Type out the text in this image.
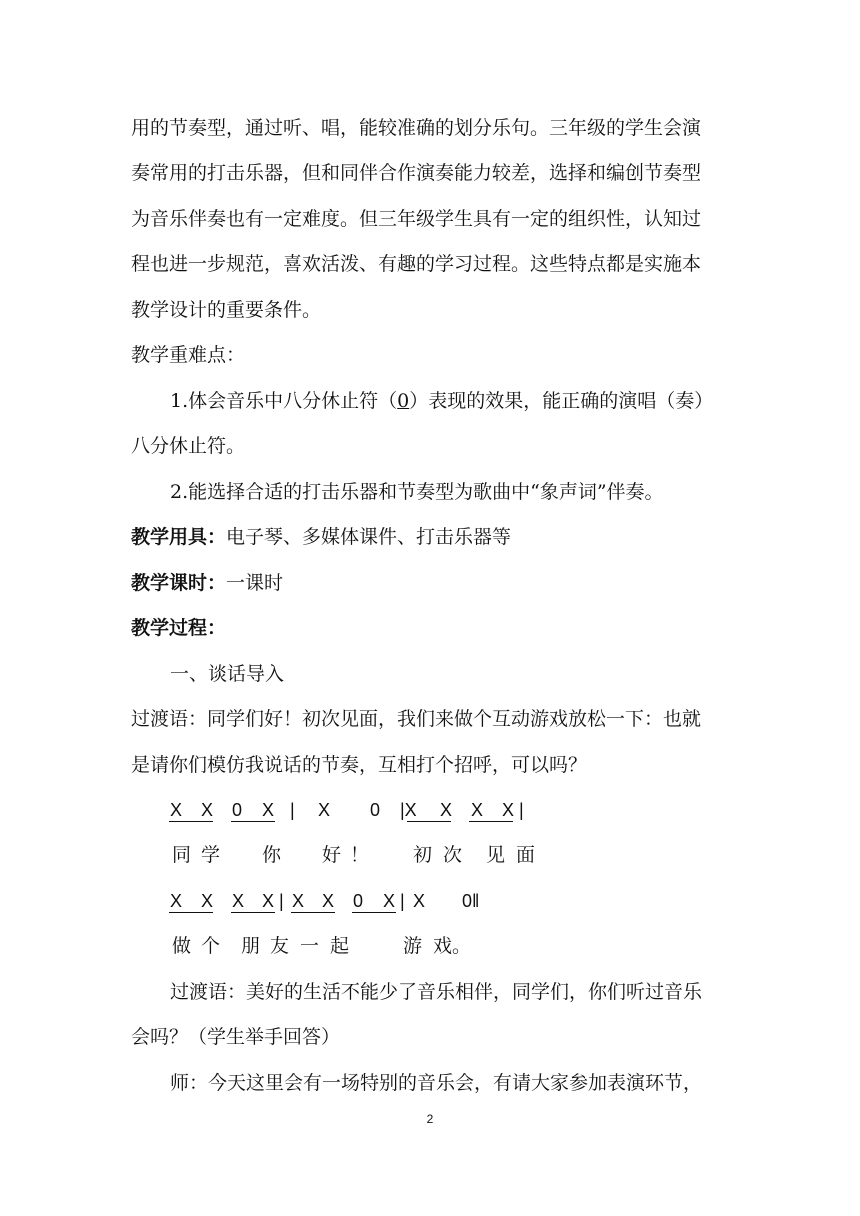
用的节奏型，通过听、唱，能较准确的划分乐句。三年级的学生会演
奏常用的打击乐器，但和同伴合作演奏能力较差，选择和编创节奏型
为音乐伴奏也有一定难度。但三年级学生具有一定的组织性，认知过
程也进一步规范，喜欢活泼、有趣的学习过程。这些特点都是实施本
教学设计的重要条件。
教学重难点：
1.体会音乐中八分休止符（0）表现的效果，能正确的演唱（奏）
八分休止符。
2.能选择合适的打击乐器和节奏型为歌曲中“象声词”伴奏。
教学用具：电子琴、多媒体课件、打击乐器等
教学课时：一课时
教学过程：
一、谈话导入
过渡语：同学们好！初次见面，我们来做个互动游戏放松一下：也就
是请你们模仿我说话的节奏，互相打个招呼，可以吗？
X X 0 X | X 0 |X X X X |
同 学 你 好 ！ 初 次 见 面
X X X X | X X 0 X | X 0‖
做 个 朋 友 一 起	游 戏。
过渡语：美好的生活不能少了音乐相伴，同学们，你们听过音乐
会吗？（学生举手回答）
师：今天这里会有一场特别的音乐会，有请大家参加表演环节，
2
